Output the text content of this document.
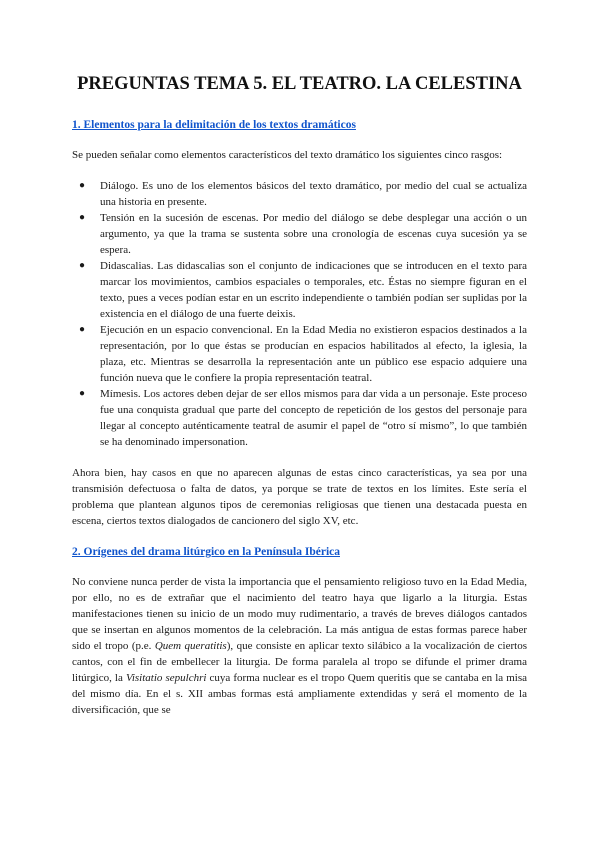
PREGUNTAS TEMA 5. EL TEATRO. LA CELESTINA
1. Elementos para la delimitación de los textos dramáticos

Se pueden señalar como elementos característicos del texto dramático los siguientes cinco rasgos:

● Diálogo. Es uno de los elementos básicos del texto dramático, por medio del cual se actualiza una historia en presente.
● Tensión en la sucesión de escenas. Por medio del diálogo se debe desplegar una acción o un argumento, ya que la trama se sustenta sobre una cronología de escenas cuya sucesión ya se espera.
● Didascalias. Las didascalias son el conjunto de indicaciones que se introducen en el texto para marcar los movimientos, cambios espaciales o temporales, etc. Éstas no siempre figuran en el texto, pues a veces podían estar en un escrito independiente o también podían ser suplidas por la existencia en el diálogo de una fuerte deixis.
● Ejecución en un espacio convencional. En la Edad Media no existieron espacios destinados a la representación, por lo que éstas se producían en espacios habilitados al efecto, la iglesia, la plaza, etc. Mientras se desarrolla la representación ante un público ese espacio adquiere una función nueva que le confiere la propia representación teatral.
● Mímesis. Los actores deben dejar de ser ellos mismos para dar vida a un personaje. Este proceso fue una conquista gradual que parte del concepto de repetición de los gestos del personaje para llegar al concepto auténticamente teatral de asumir el papel de “otro sí mismo”, lo que también se ha denominado impersonation.

Ahora bien, hay casos en que no aparecen algunas de estas cinco características, ya sea por una transmisión defectuosa o falta de datos, ya porque se trate de textos en los límites. Este sería el problema que plantean algunos tipos de ceremonias religiosas que tienen una destacada puesta en escena, ciertos textos dialogados de cancionero del siglo XV, etc.

2. Orígenes del drama litúrgico en la Península Ibérica

No conviene nunca perder de vista la importancia que el pensamiento religioso tuvo en la Edad Media, por ello, no es de extrañar que el nacimiento del teatro haya que ligarlo a la liturgia. Estas manifestaciones tienen su inicio de un modo muy rudimentario, a través de breves diálogos cantados que se insertan en algunos momentos de la celebración. La más antigua de estas formas parece haber sido el tropo (p.e. Quem queratitis), que consiste en aplicar texto silábico a la vocalización de ciertos cantos, con el fin de embellecer la liturgia. De forma paralela al tropo se difunde el primer drama litúrgico, la Visitatio sepulchri cuya forma nuclear es el tropo Quem queritis que se cantaba en la misa del mismo día. En el s. XII ambas formas está ampliamente extendidas y será el momento de la diversificación, que se
